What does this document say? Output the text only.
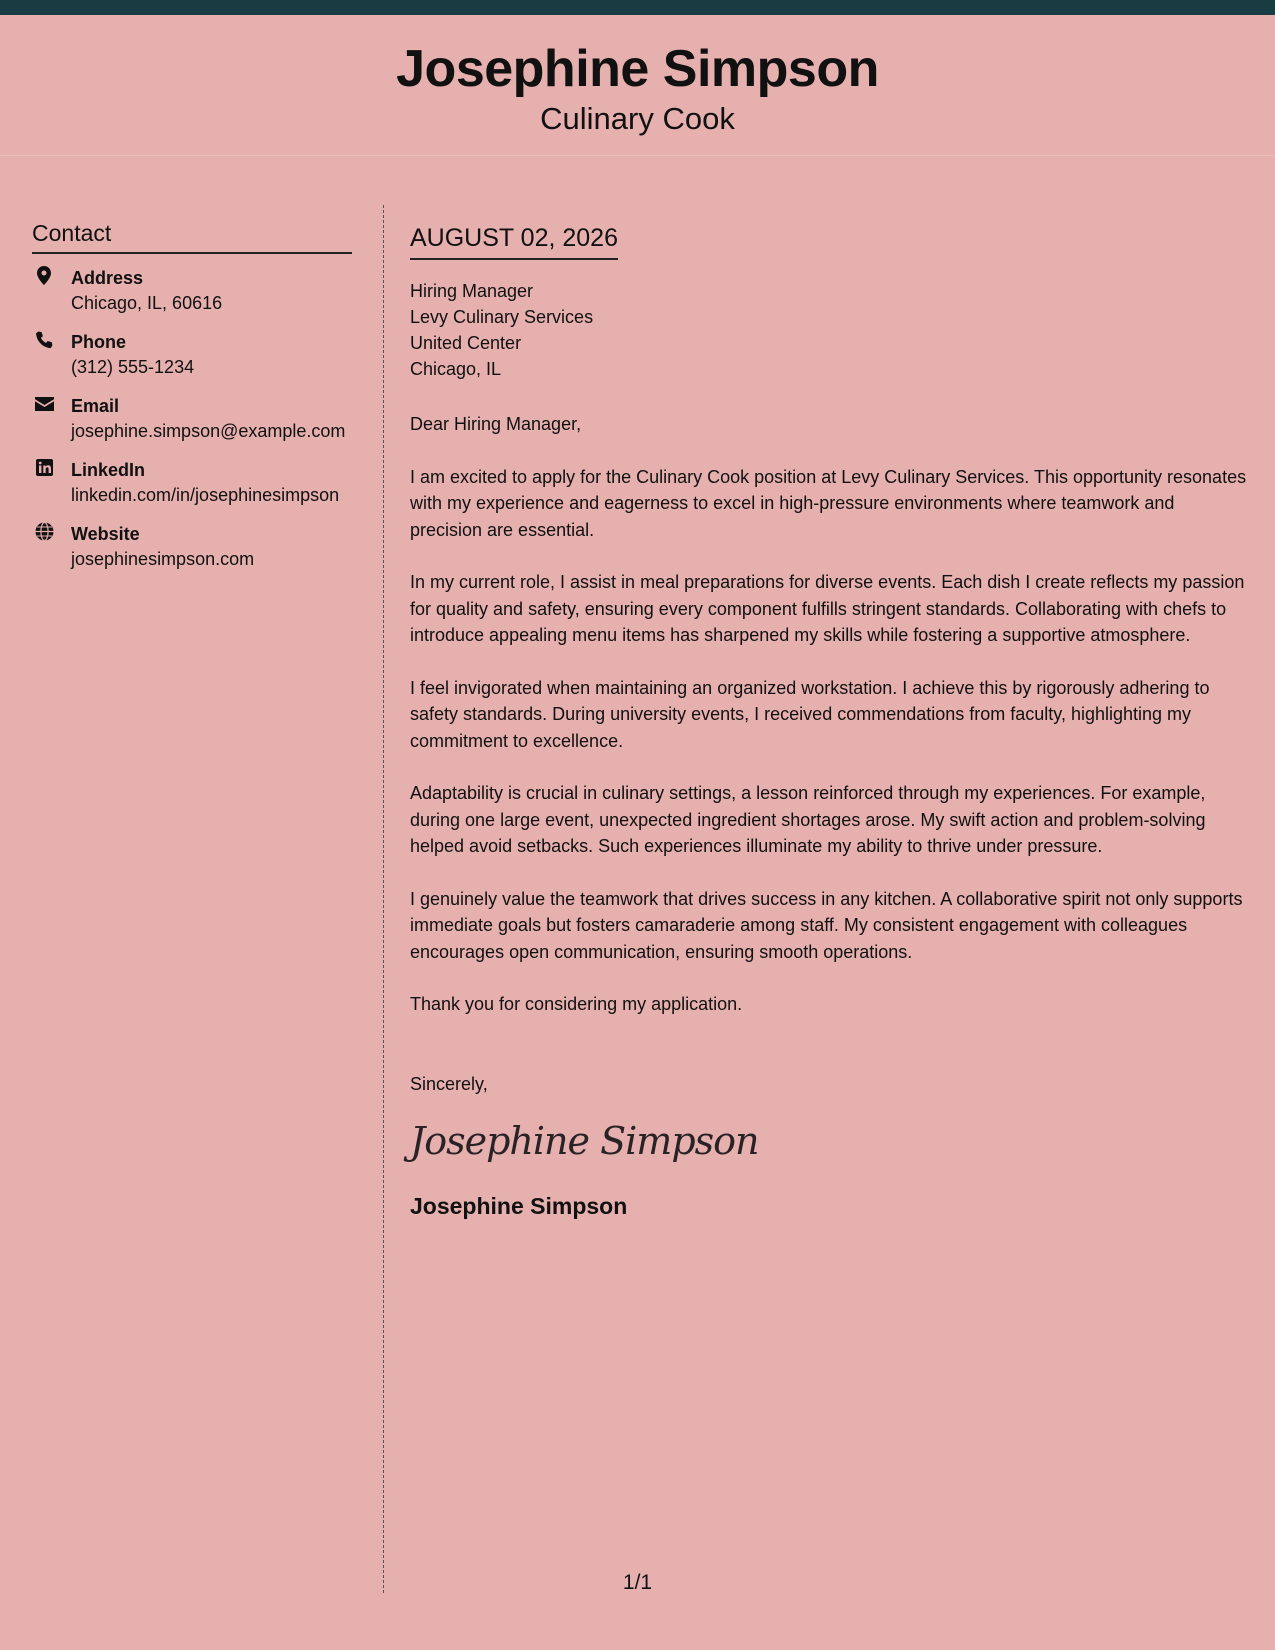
Josephine Simpson
Culinary Cook
Contact
Address
Chicago, IL, 60616
Phone
(312) 555-1234
Email
josephine.simpson@example.com
LinkedIn
linkedin.com/in/josephinesimpson
Website
josephinesimpson.com
AUGUST 02, 2026
Hiring Manager
Levy Culinary Services
United Center
Chicago, IL
Dear Hiring Manager,
I am excited to apply for the Culinary Cook position at Levy Culinary Services. This opportunity resonates with my experience and eagerness to excel in high-pressure environments where teamwork and precision are essential.
In my current role, I assist in meal preparations for diverse events. Each dish I create reflects my passion for quality and safety, ensuring every component fulfills stringent standards. Collaborating with chefs to introduce appealing menu items has sharpened my skills while fostering a supportive atmosphere.
I feel invigorated when maintaining an organized workstation. I achieve this by rigorously adhering to safety standards. During university events, I received commendations from faculty, highlighting my commitment to excellence.
Adaptability is crucial in culinary settings, a lesson reinforced through my experiences. For example, during one large event, unexpected ingredient shortages arose. My swift action and problem-solving helped avoid setbacks. Such experiences illuminate my ability to thrive under pressure.
I genuinely value the teamwork that drives success in any kitchen. A collaborative spirit not only supports immediate goals but fosters camaraderie among staff. My consistent engagement with colleagues encourages open communication, ensuring smooth operations.
Thank you for considering my application.
Sincerely,
Josephine Simpson
Josephine Simpson
1/1
